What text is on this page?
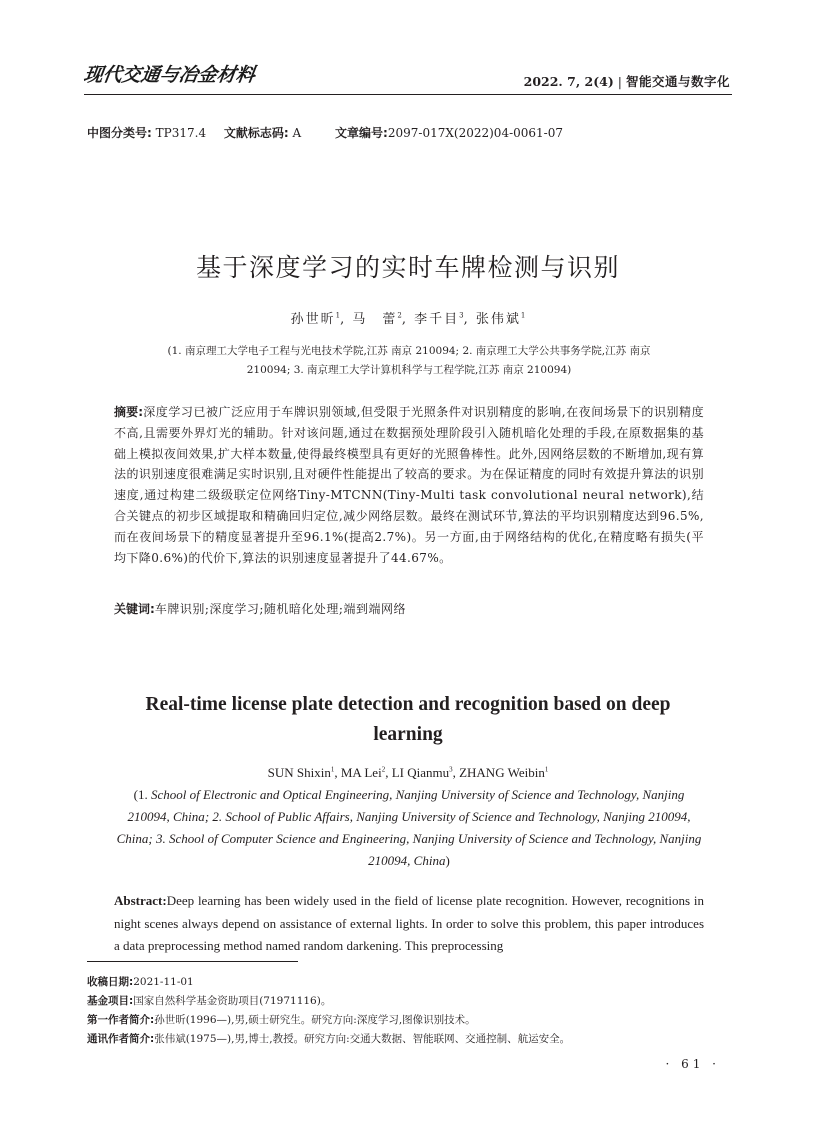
现代交通与冶金材料	2022. 7, 2(4) | 智能交通与数字化
中图分类号: TP317.4 文献标志码: A	文章编号:2097-017X(2022)04-0061-07
基于深度学习的实时车牌检测与识别
孙世昕$^1$, 马　蕾$^2$, 李千目$^3$, 张伟斌$^1$
(1. 南京理工大学电子工程与光电技术学院,江苏 南京 210094; 2. 南京理工大学公共事务学院,江苏 南京
210094; 3. 南京理工大学计算机科学与工程学院,江苏 南京 210094)
摘要:深度学习已被广泛应用于车牌识别领域,但受限于光照条件对识别精度的影响,在夜间场景下的识别精度不高,且需要外界灯光的辅助。针对该问题,通过在数据预处理阶段引入随机暗化处理的手段,在原数据集的基础上模拟夜间效果,扩大样本数量,使得最终模型具有更好的光照鲁棒性。此外,因网络层数的不断增加,现有算法的识别速度很难满足实时识别,且对硬件性能提出了较高的要求。为在保证精度的同时有效提升算法的识别速度,通过构建二级级联定位网络Tiny-MTCNN(Tiny-Multi task convolutional neural network),结合关键点的初步区域提取和精确回归定位,减少网络层数。最终在测试环节,算法的平均识别精度达到96.5%,而在夜间场景下的精度显著提升至96.1%(提高2.7%)。另一方面,由于网络结构的优化,在精度略有损失(平均下降0.6%)的代价下,算法的识别速度显著提升了44.67%。
关键词:车牌识别;深度学习;随机暗化处理;端到端网络
Real-time license plate detection and recognition based on deep learning
SUN Shixin$^1$, MA Lei$^2$, LI Qianmu$^3$, ZHANG Weibin$^1$
(1. School of Electronic and Optical Engineering, Nanjing University of Science and Technology, Nanjing 210094, China; 2. School of Public Affairs, Nanjing University of Science and Technology, Nanjing 210094, China; 3. School of Computer Science and Engineering, Nanjing University of Science and Technology, Nanjing 210094, China)
Abstract:Deep learning has been widely used in the field of license plate recognition. However, recognitions in night scenes always depend on assistance of external lights. In order to solve this problem, this paper introduces a data preprocessing method named random darkening. This preprocessing
收稿日期:2021-11-01
基金项目:国家自然科学基金资助项目(71971116)。
第一作者简介:孙世昕(1996—),男,硕士研究生。研究方向:深度学习,图像识别技术。
通讯作者简介:张伟斌(1975—),男,博士,教授。研究方向:交通大数据、智能联网、交通控制、航运安全。
· 61 ·
